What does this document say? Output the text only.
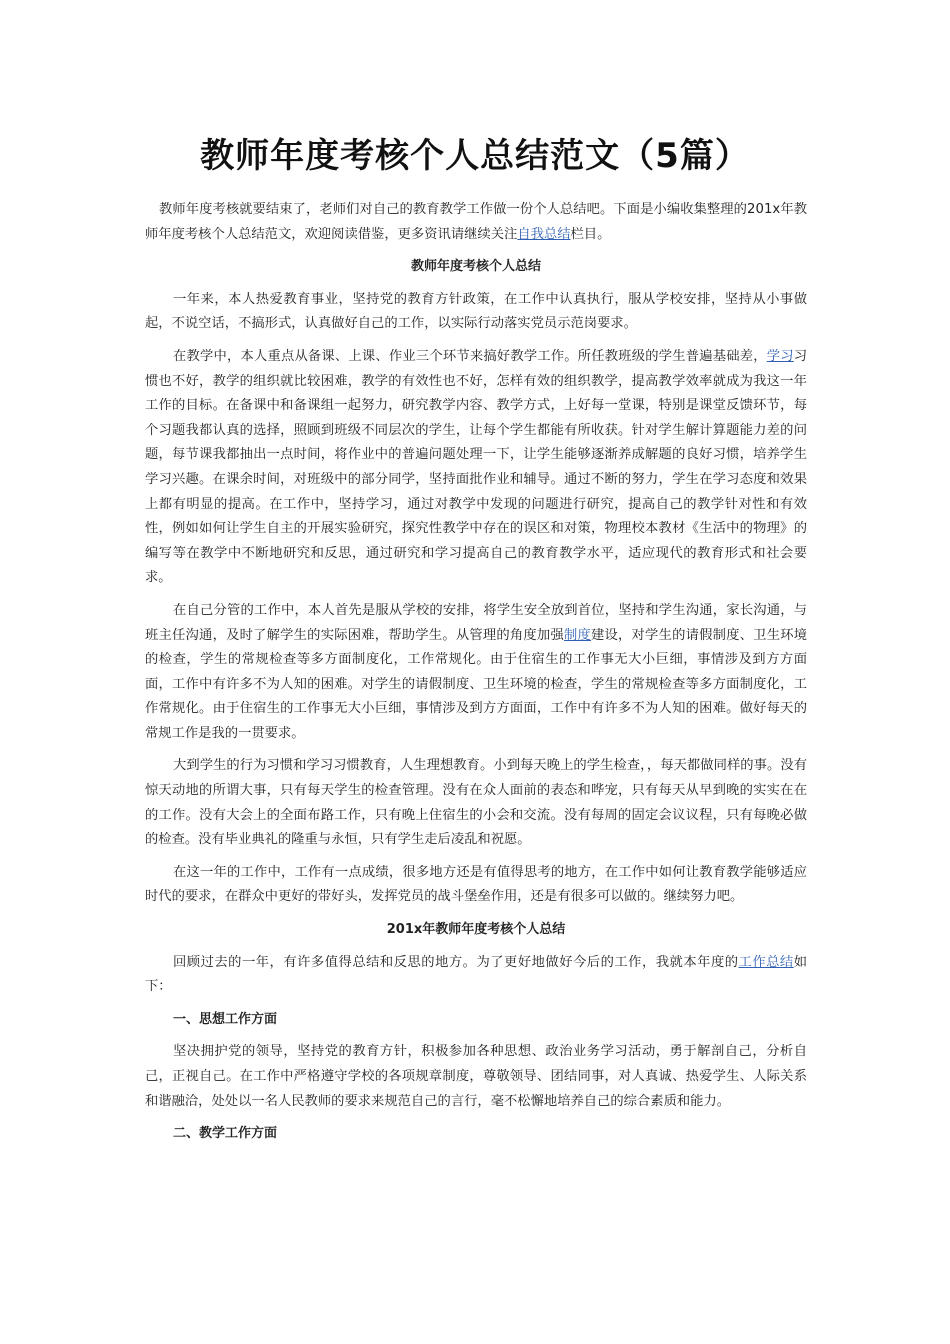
教师年度考核个人总结范文（5篇）

教师年度考核就要结束了，老师们对自己的教育教学工作做一份个人总结吧。下面是小编收集整理的201x年教师年度考核个人总结范文，欢迎阅读借鉴，更多资讯请继续关注自我总结栏目。

教师年度考核个人总结

一年来，本人热爱教育事业，坚持党的教育方针政策，在工作中认真执行，服从学校安排，坚持从小事做起，不说空话，不搞形式，认真做好自己的工作，以实际行动落实党员示范岗要求。

在教学中，本人重点从备课、上课、作业三个环节来搞好教学工作。所任教班级的学生普遍基础差，学习习惯也不好，教学的组织就比较困难，教学的有效性也不好，怎样有效的组织教学，提高教学效率就成为我这一年工作的目标。在备课中和备课组一起努力，研究教学内容、教学方式，上好每一堂课，特别是课堂反馈环节，每个习题我都认真的选择，照顾到班级不同层次的学生，让每个学生都能有所收获。针对学生解计算题能力差的问题，每节课我都抽出一点时间，将作业中的普遍问题处理一下，让学生能够逐渐养成解题的良好习惯，培养学生学习兴趣。在课余时间，对班级中的部分同学，坚持面批作业和辅导。通过不断的努力，学生在学习态度和效果上都有明显的提高。在工作中，坚持学习，通过对教学中发现的问题进行研究，提高自己的教学针对性和有效性，例如如何让学生自主的开展实验研究，探究性教学中存在的误区和对策，物理校本教材《生活中的物理》的编写等在教学中不断地研究和反思，通过研究和学习提高自己的教育教学水平，适应现代的教育形式和社会要求。

在自己分管的工作中，本人首先是服从学校的安排，将学生安全放到首位，坚持和学生沟通，家长沟通，与班主任沟通，及时了解学生的实际困难，帮助学生。从管理的角度加强制度建设，对学生的请假制度、卫生环境的检查，学生的常规检查等多方面制度化，工作常规化。由于住宿生的工作事无大小巨细，事情涉及到方方面面，工作中有许多不为人知的困难。对学生的请假制度、卫生环境的检查，学生的常规检查等多方面制度化，工作常规化。由于住宿生的工作事无大小巨细，事情涉及到方方面面，工作中有许多不为人知的困难。做好每天的常规工作是我的一贯要求。

大到学生的行为习惯和学习习惯教育，人生理想教育。小到每天晚上的学生检查，，每天都做同样的事。没有惊天动地的所谓大事，只有每天学生的检查管理。没有在众人面前的表态和哗宠，只有每天从早到晚的实实在在的工作。没有大会上的全面布路工作，只有晚上住宿生的小会和交流。没有每周的固定会议议程，只有每晚必做的检查。没有毕业典礼的隆重与永恒，只有学生走后凌乱和祝愿。

在这一年的工作中，工作有一点成绩，很多地方还是有值得思考的地方，在工作中如何让教育教学能够适应时代的要求，在群众中更好的带好头，发挥党员的战斗堡垒作用，还是有很多可以做的。继续努力吧。

201x年教师年度考核个人总结

回顾过去的一年，有许多值得总结和反思的地方。为了更好地做好今后的工作，我就本年度的工作总结如下：

一、思想工作方面

坚决拥护党的领导，坚持党的教育方针，积极参加各种思想、政治业务学习活动，勇于解剖自己，分析自己，正视自己。在工作中严格遵守学校的各项规章制度，尊敬领导、团结同事，对人真诚、热爱学生、人际关系和谐融洽，处处以一名人民教师的要求来规范自己的言行，毫不松懈地培养自己的综合素质和能力。

二、教学工作方面
